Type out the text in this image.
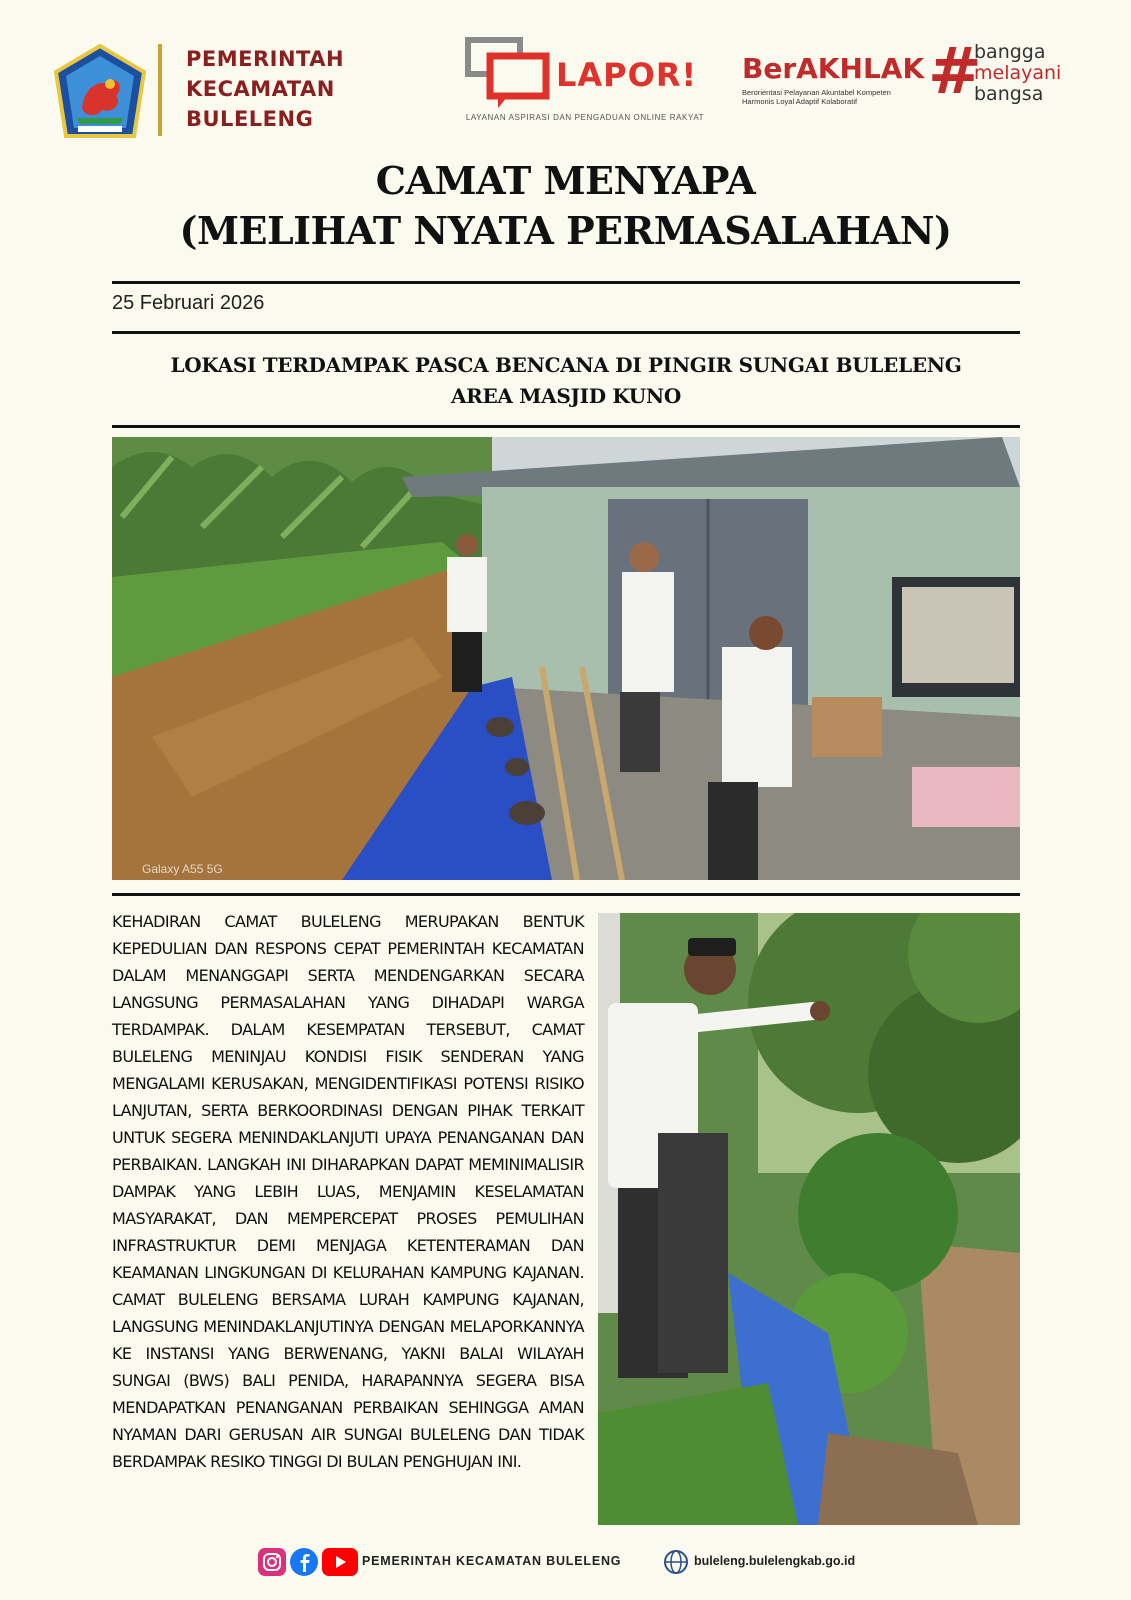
PEMERINTAH
KECAMATAN
BULELENG
LAPOR!
LAYANAN ASPIRASI DAN PENGADUAN ONLINE RAKYAT
BerAKHLAK
Berorientasi Pelayanan Akuntabel Kompeten
Harmonis Loyal Adaptif Kolaboratif	#
bangga
melayani
bangsa
CAMAT MENYAPA
(MELIHAT NYATA PERMASALAHAN)
25 Februari 2026
LOKASI TERDAMPAK PASCA BENCANA DI PINGIR SUNGAI BULELENG
AREA MASJID KUNO
Galaxy A55 5G
KEHADIRAN CAMAT BULELENG MERUPAKAN BENTUK KEPEDULIAN DAN RESPONS CEPAT PEMERINTAH KECAMATAN DALAM MENANGGAPI SERTA MENDENGARKAN SECARA LANGSUNG PERMASALAHAN YANG DIHADAPI WARGA TERDAMPAK. DALAM KESEMPATAN TERSEBUT, CAMAT BULELENG MENINJAU KONDISI FISIK SENDERAN YANG MENGALAMI KERUSAKAN, MENGIDENTIFIKASI POTENSI RISIKO LANJUTAN, SERTA BERKOORDINASI DENGAN PIHAK TERKAIT UNTUK SEGERA MENINDAKLANJUTI UPAYA PENANGANAN DAN PERBAIKAN. LANGKAH INI DIHARAPKAN DAPAT MEMINIMALISIR DAMPAK YANG LEBIH LUAS, MENJAMIN KESELAMATAN MASYARAKAT, DAN MEMPERCEPAT PROSES PEMULIHAN INFRASTRUKTUR DEMI MENJAGA KETENTERAMAN DAN KEAMANAN LINGKUNGAN DI KELURAHAN KAMPUNG KAJANAN. CAMAT BULELENG BERSAMA LURAH KAMPUNG KAJANAN, LANGSUNG MENINDAKLANJUTINYA DENGAN MELAPORKANNYA KE INSTANSI YANG BERWENANG, YAKNI BALAI WILAYAH SUNGAI (BWS) BALI PENIDA, HARAPANNYA SEGERA BISA MENDAPATKAN PENANGANAN PERBAIKAN SEHINGGA AMAN NYAMAN DARI GERUSAN AIR SUNGAI BULELENG DAN TIDAK BERDAMPAK RESIKO TINGGI DI BULAN PENGHUJAN INI.
PEMERINTAH KECAMATAN BULELENG	buleleng.bulelengkab.go.id
